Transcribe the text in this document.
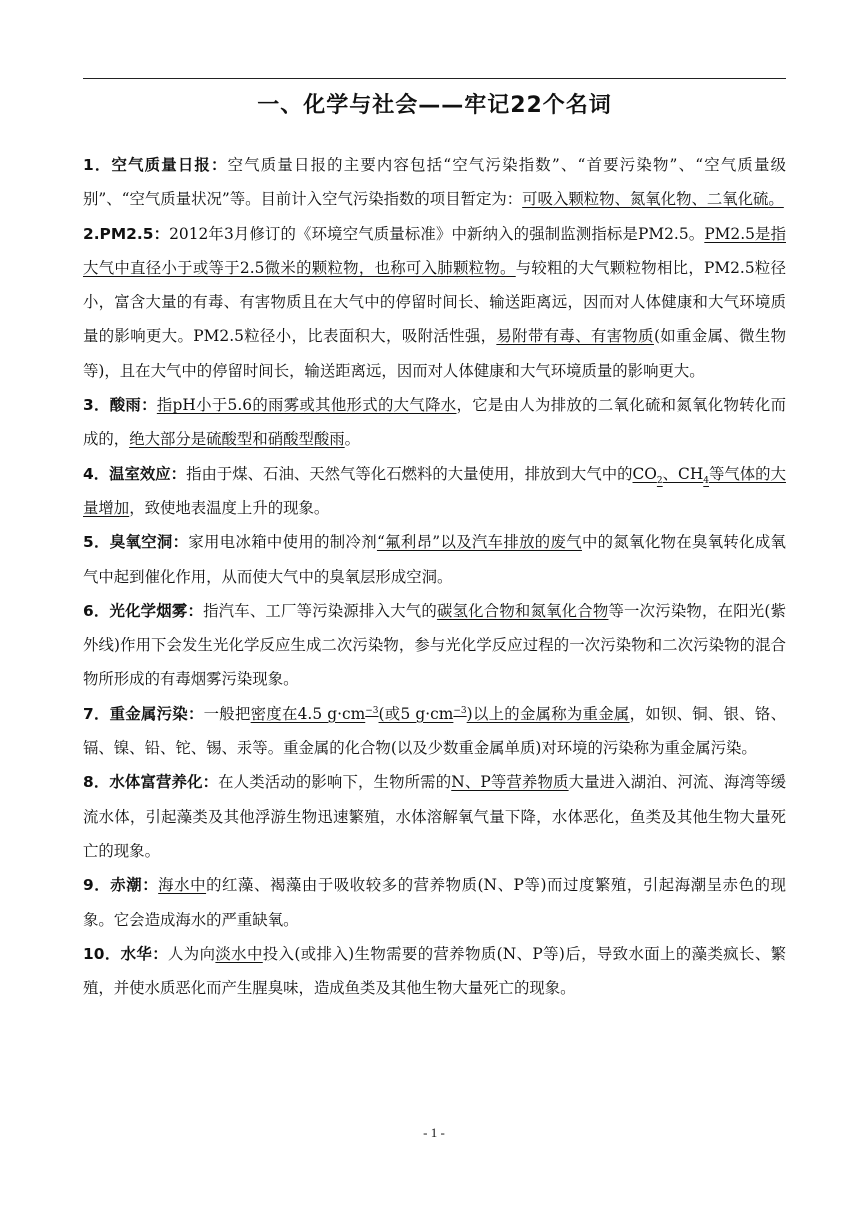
一、化学与社会——牢记22个名词

1．空气质量日报：空气质量日报的主要内容包括“空气污染指数”、“首要污染物”、“空气质量级别”、“空气质量状况”等。目前计入空气污染指数的项目暂定为：可吸入颗粒物、氮氧化物、二氧化硫。

2.PM2.5：2012年3月修订的《环境空气质量标准》中新纳入的强制监测指标是PM2.5。PM2.5是指大气中直径小于或等于2.5微米的颗粒物，也称可入肺颗粒物。与较粗的大气颗粒物相比，PM2.5粒径小，富含大量的有毒、有害物质且在大气中的停留时间长、输送距离远，因而对人体健康和大气环境质量的影响更大。PM2.5粒径小，比表面积大，吸附活性强，易附带有毒、有害物质(如重金属、微生物等)，且在大气中的停留时间长，输送距离远，因而对人体健康和大气环境质量的影响更大。

3．酸雨：指pH小于5.6的雨雾或其他形式的大气降水，它是由人为排放的二氧化硫和氮氧化物转化而成的，绝大部分是硫酸型和硝酸型酸雨。

4．温室效应：指由于煤、石油、天然气等化石燃料的大量使用，排放到大气中的$CO_2$、$CH_4$等气体的大量增加，致使地表温度上升的现象。

5．臭氧空洞：家用电冰箱中使用的制冷剂“氟利昂”以及汽车排放的废气中的氮氧化物在臭氧转化成氧气中起到催化作用，从而使大气中的臭氧层形成空洞。

6．光化学烟雾：指汽车、工厂等污染源排入大气的碳氢化合物和氮氧化合物等一次污染物，在阳光(紫外线)作用下会发生光化学反应生成二次污染物，参与光化学反应过程的一次污染物和二次污染物的混合物所形成的有毒烟雾污染现象。

7．重金属污染：一般把密度在4.5 $g\cdot cm^{-3}$(或5 $g\cdot cm^{-3}$)以上的金属称为重金属，如钡、铜、银、铬、镉、镍、铅、铊、锡、汞等。重金属的化合物(以及少数重金属单质)对环境的污染称为重金属污染。

8．水体富营养化：在人类活动的影响下，生物所需的N、P等营养物质大量进入湖泊、河流、海湾等缓流水体，引起藻类及其他浮游生物迅速繁殖，水体溶解氧气量下降，水体恶化，鱼类及其他生物大量死亡的现象。

9．赤潮：海水中的红藻、褐藻由于吸收较多的营养物质(N、P等)而过度繁殖，引起海潮呈赤色的现象。它会造成海水的严重缺氧。

10．水华：人为向淡水中投入(或排入)生物需要的营养物质(N、P等)后，导致水面上的藻类疯长、繁殖，并使水质恶化而产生腥臭味，造成鱼类及其他生物大量死亡的现象。

- 1 -
